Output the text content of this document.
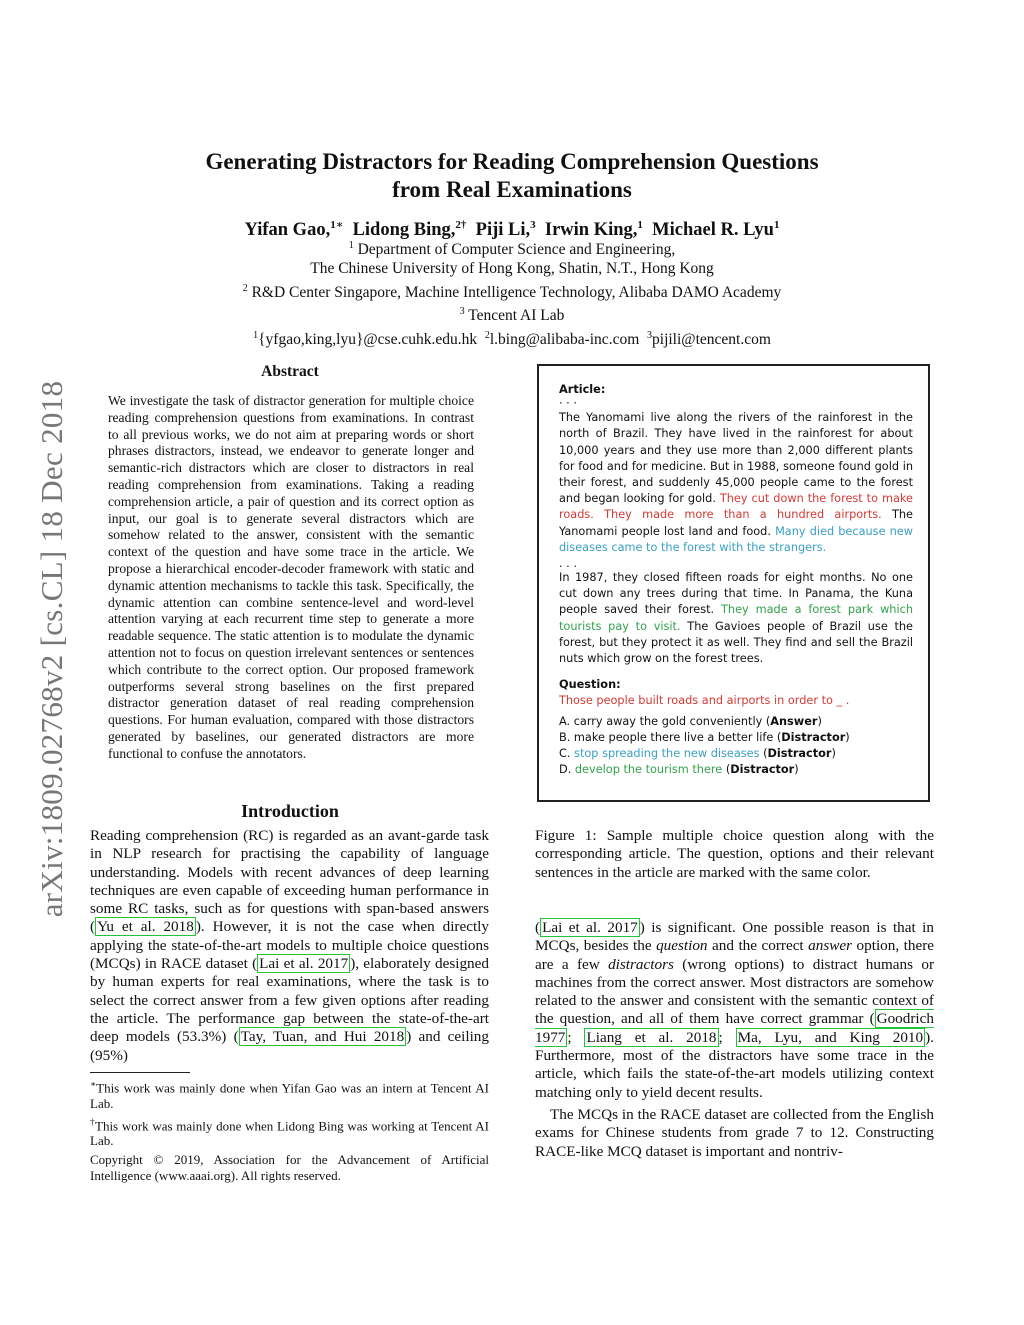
arXiv:1809.02768v2 [cs.CL] 18 Dec 2018
Generating Distractors for Reading Comprehension Questions
from Real Examinations
Yifan Gao,$^{1∗}$ Lidong Bing,$^{2\dagger}$ Piji Li,$^3$ Irwin King,$^1$ Michael R. Lyu$^1$
$^1$ Department of Computer Science and Engineering,
The Chinese University of Hong Kong, Shatin, N.T., Hong Kong
$^2$ R&D Center Singapore, Machine Intelligence Technology, Alibaba DAMO Academy
$^3$ Tencent AI Lab
$^1${yfgao,king,lyu}@cse.cuhk.edu.hk $^2$l.bing@alibaba-inc.com $^3$pijili@tencent.com
Abstract
We investigate the task of distractor generation for multiple choice reading comprehension questions from examinations. In contrast to all previous works, we do not aim at preparing words or short phrases distractors, instead, we endeavor to generate longer and semantic-rich distractors which are closer to distractors in real reading comprehension from examinations. Taking a reading comprehension article, a pair of question and its correct option as input, our goal is to generate several distractors which are somehow related to the answer, consistent with the semantic context of the question and have some trace in the article. We propose a hierarchical encoder-decoder framework with static and dynamic attention mechanisms to tackle this task. Specifically, the dynamic attention can combine sentence-level and word-level attention varying at each recurrent time step to generate a more readable sequence. The static attention is to modulate the dynamic attention not to focus on question irrelevant sentences or sentences which contribute to the correct option. Our proposed framework outperforms several strong baselines on the first prepared distractor generation dataset of real reading comprehension questions. For human evaluation, compared with those distractors generated by baselines, our generated distractors are more functional to confuse the annotators.
Introduction
Reading comprehension (RC) is regarded as an avant-garde task in NLP research for practising the capability of language understanding. Models with recent advances of deep learning techniques are even capable of exceeding human performance in some RC tasks, such as for questions with span-based answers ( Yu et al. 2018 ). However, it is not the case when directly applying the state-of-the-art models to multiple choice questions (MCQs) in RACE dataset ( Lai et al. 2017 ), elaborately designed by human experts for real examinations, where the task is to select the correct answer from a few given options after reading the article. The performance gap between the state-of-the-art deep models (53.3%) ( Tay, Tuan, and Hui 2018 ) and ceiling (95%)

∗This work was mainly done when Yifan Gao was an intern at Tencent AI Lab.

†This work was mainly done when Lidong Bing was working at Tencent AI Lab.

Copyright © 2019, Association for the Advancement of Artificial Intelligence (www.aaai.org). All rights reserved.

Article:

· · ·

The Yanomami live along the rivers of the rainforest in the north of Brazil. They have lived in the rainforest for about 10,000 years and they use more than 2,000 different plants for food and for medicine. But in 1988, someone found gold in their forest, and suddenly 45,000 people came to the forest and began looking for gold. They cut down the forest to make roads. They made more than a hundred airports. The Yanomami people lost land and food. Many died because new diseases came to the forest with the strangers.

. . .

In 1987, they closed fifteen roads for eight months. No one cut down any trees during that time. In Panama, the Kuna people saved their forest. They made a forest park which tourists pay to visit. The Gavioes people of Brazil use the forest, but they protect it as well. They find and sell the Brazil nuts which grow on the forest trees.

Question:

Those people built roads and airports in order to _ .

A. carry away the gold conveniently (Answer)

B. make people there live a better life (Distractor)

C. stop spreading the new diseases (Distractor)

D. develop the tourism there (Distractor)

Figure 1: Sample multiple choice question along with the corresponding article. The question, options and their relevant sentences in the article are marked with the same color.

( Lai et al. 2017 ) is significant. One possible reason is that in MCQs, besides the question and the correct answer option, there are a few distractors (wrong options) to distract humans or machines from the correct answer. Most distractors are somehow related to the answer and consistent with the semantic context of the question, and all of them have correct grammar ( Goodrich 1977 ; Liang et al. 2018 ; Ma, Lyu, and King 2010 ). Furthermore, most of the distractors have some trace in the article, which fails the state-of-the-art models utilizing context matching only to yield decent results.

The MCQs in the RACE dataset are collected from the English exams for Chinese students from grade 7 to 12. Constructing RACE-like MCQ dataset is important and nontriv-
